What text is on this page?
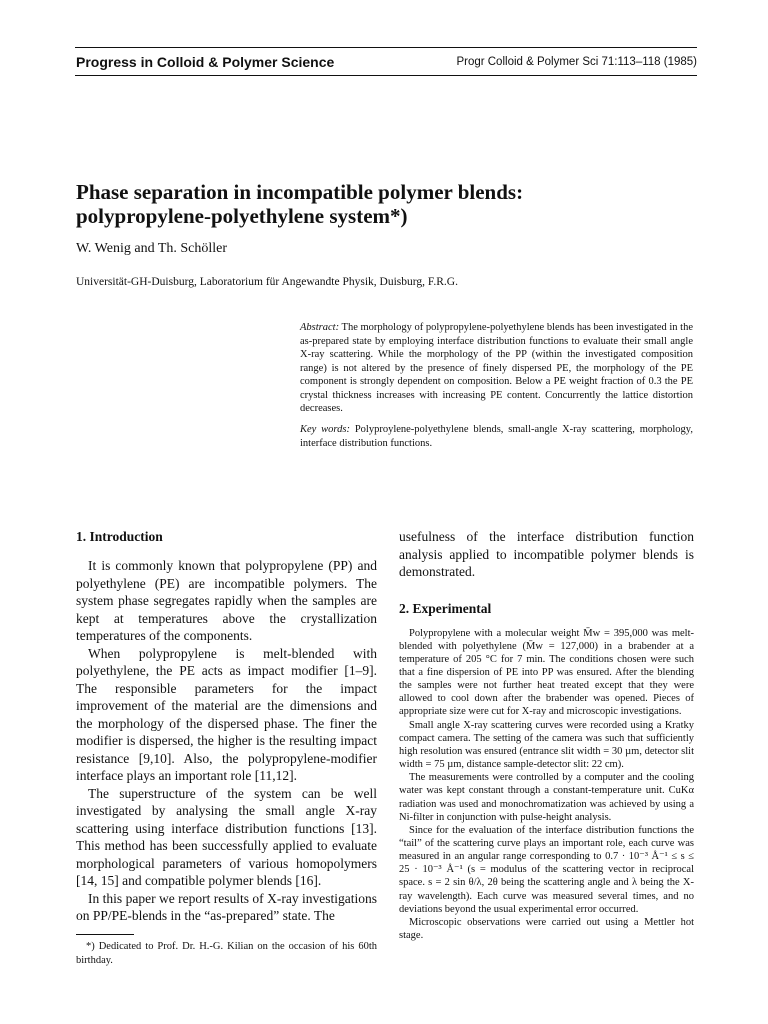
Progress in Colloid & Polymer Science	Progr Colloid & Polymer Sci 71:113–118 (1985)
Phase separation in incompatible polymer blends:
polypropylene-polyethylene system*)
W. Wenig and Th. Schöller
Universität-GH-Duisburg, Laboratorium für Angewandte Physik, Duisburg, F.R.G.

Abstract: The morphology of polypropylene-polyethylene blends has been investigated in the as-prepared state by employing interface distribution functions to evaluate their small angle X-ray scattering. While the morphology of the PP (within the investigated composition range) is not altered by the presence of finely dispersed PE, the morphology of the PE component is strongly dependent on composition. Below a PE weight fraction of 0.3 the PE crystal thickness increases with increasing PE content. Concurrently the lattice distortion decreases.

Key words: Polyproylene-polyethylene blends, small-angle X-ray scattering, morphology, interface distribution functions.

1. Introduction

It is commonly known that polypropylene (PP) and polyethylene (PE) are incompatible polymers. The system phase segregates rapidly when the samples are kept at temperatures above the crystallization temperatures of the components.

When polypropylene is melt-blended with polyethylene, the PE acts as impact modifier [1–9]. The responsible parameters for the impact improvement of the material are the dimensions and the morphology of the dispersed phase. The finer the modifier is dispersed, the higher is the resulting impact resistance [9,10]. Also, the polypropylene-modifier interface plays an important role [11,12].

The superstructure of the system can be well investigated by analysing the small angle X-ray scattering using interface distribution functions [13]. This method has been successfully applied to evaluate morphological parameters of various homopolymers [14, 15] and compatible polymer blends [16].

In this paper we report results of X-ray investigations on PP/PE-blends in the “as-prepared” state. The

usefulness of the interface distribution function analysis applied to incompatible polymer blends is demonstrated.

2. Experimental

Polypropylene with a molecular weight M̄w = 395,000 was melt-blended with polyethylene (M̄w = 127,000) in a brabender at a temperature of 205 °C for 7 min. The conditions chosen were such that a fine dispersion of PE into PP was ensured. After the blending the samples were not further heat treated except that they were allowed to cool down after the brabender was opened. Pieces of appropriate size were cut for X-ray and microscopic investigations.

Small angle X-ray scattering curves were recorded using a Kratky compact camera. The setting of the camera was such that sufficiently high resolution was ensured (entrance slit width = 30 µm, detector slit width = 75 µm, distance sample-detector slit: 22 cm).

The measurements were controlled by a computer and the cooling water was kept constant through a constant-temperature unit. CuKα radiation was used and monochromatization was achieved by using a Ni-filter in conjunction with pulse-height analysis.

Since for the evaluation of the interface distribution functions the “tail” of the scattering curve plays an important role, each curve was measured in an angular range corresponding to 0.7 · 10⁻³ Å⁻¹ ≤ s ≤ 25 · 10⁻³ Å⁻¹ (s = modulus of the scattering vector in reciprocal space. s = 2 sin θ/λ, 2θ being the scattering angle and λ being the X-ray wavelength). Each curve was measured several times, and no deviations beyond the usual experimental error occurred.

Microscopic observations were carried out using a Mettler hot stage.

*) Dedicated to Prof. Dr. H.-G. Kilian on the occasion of his 60th birthday.
